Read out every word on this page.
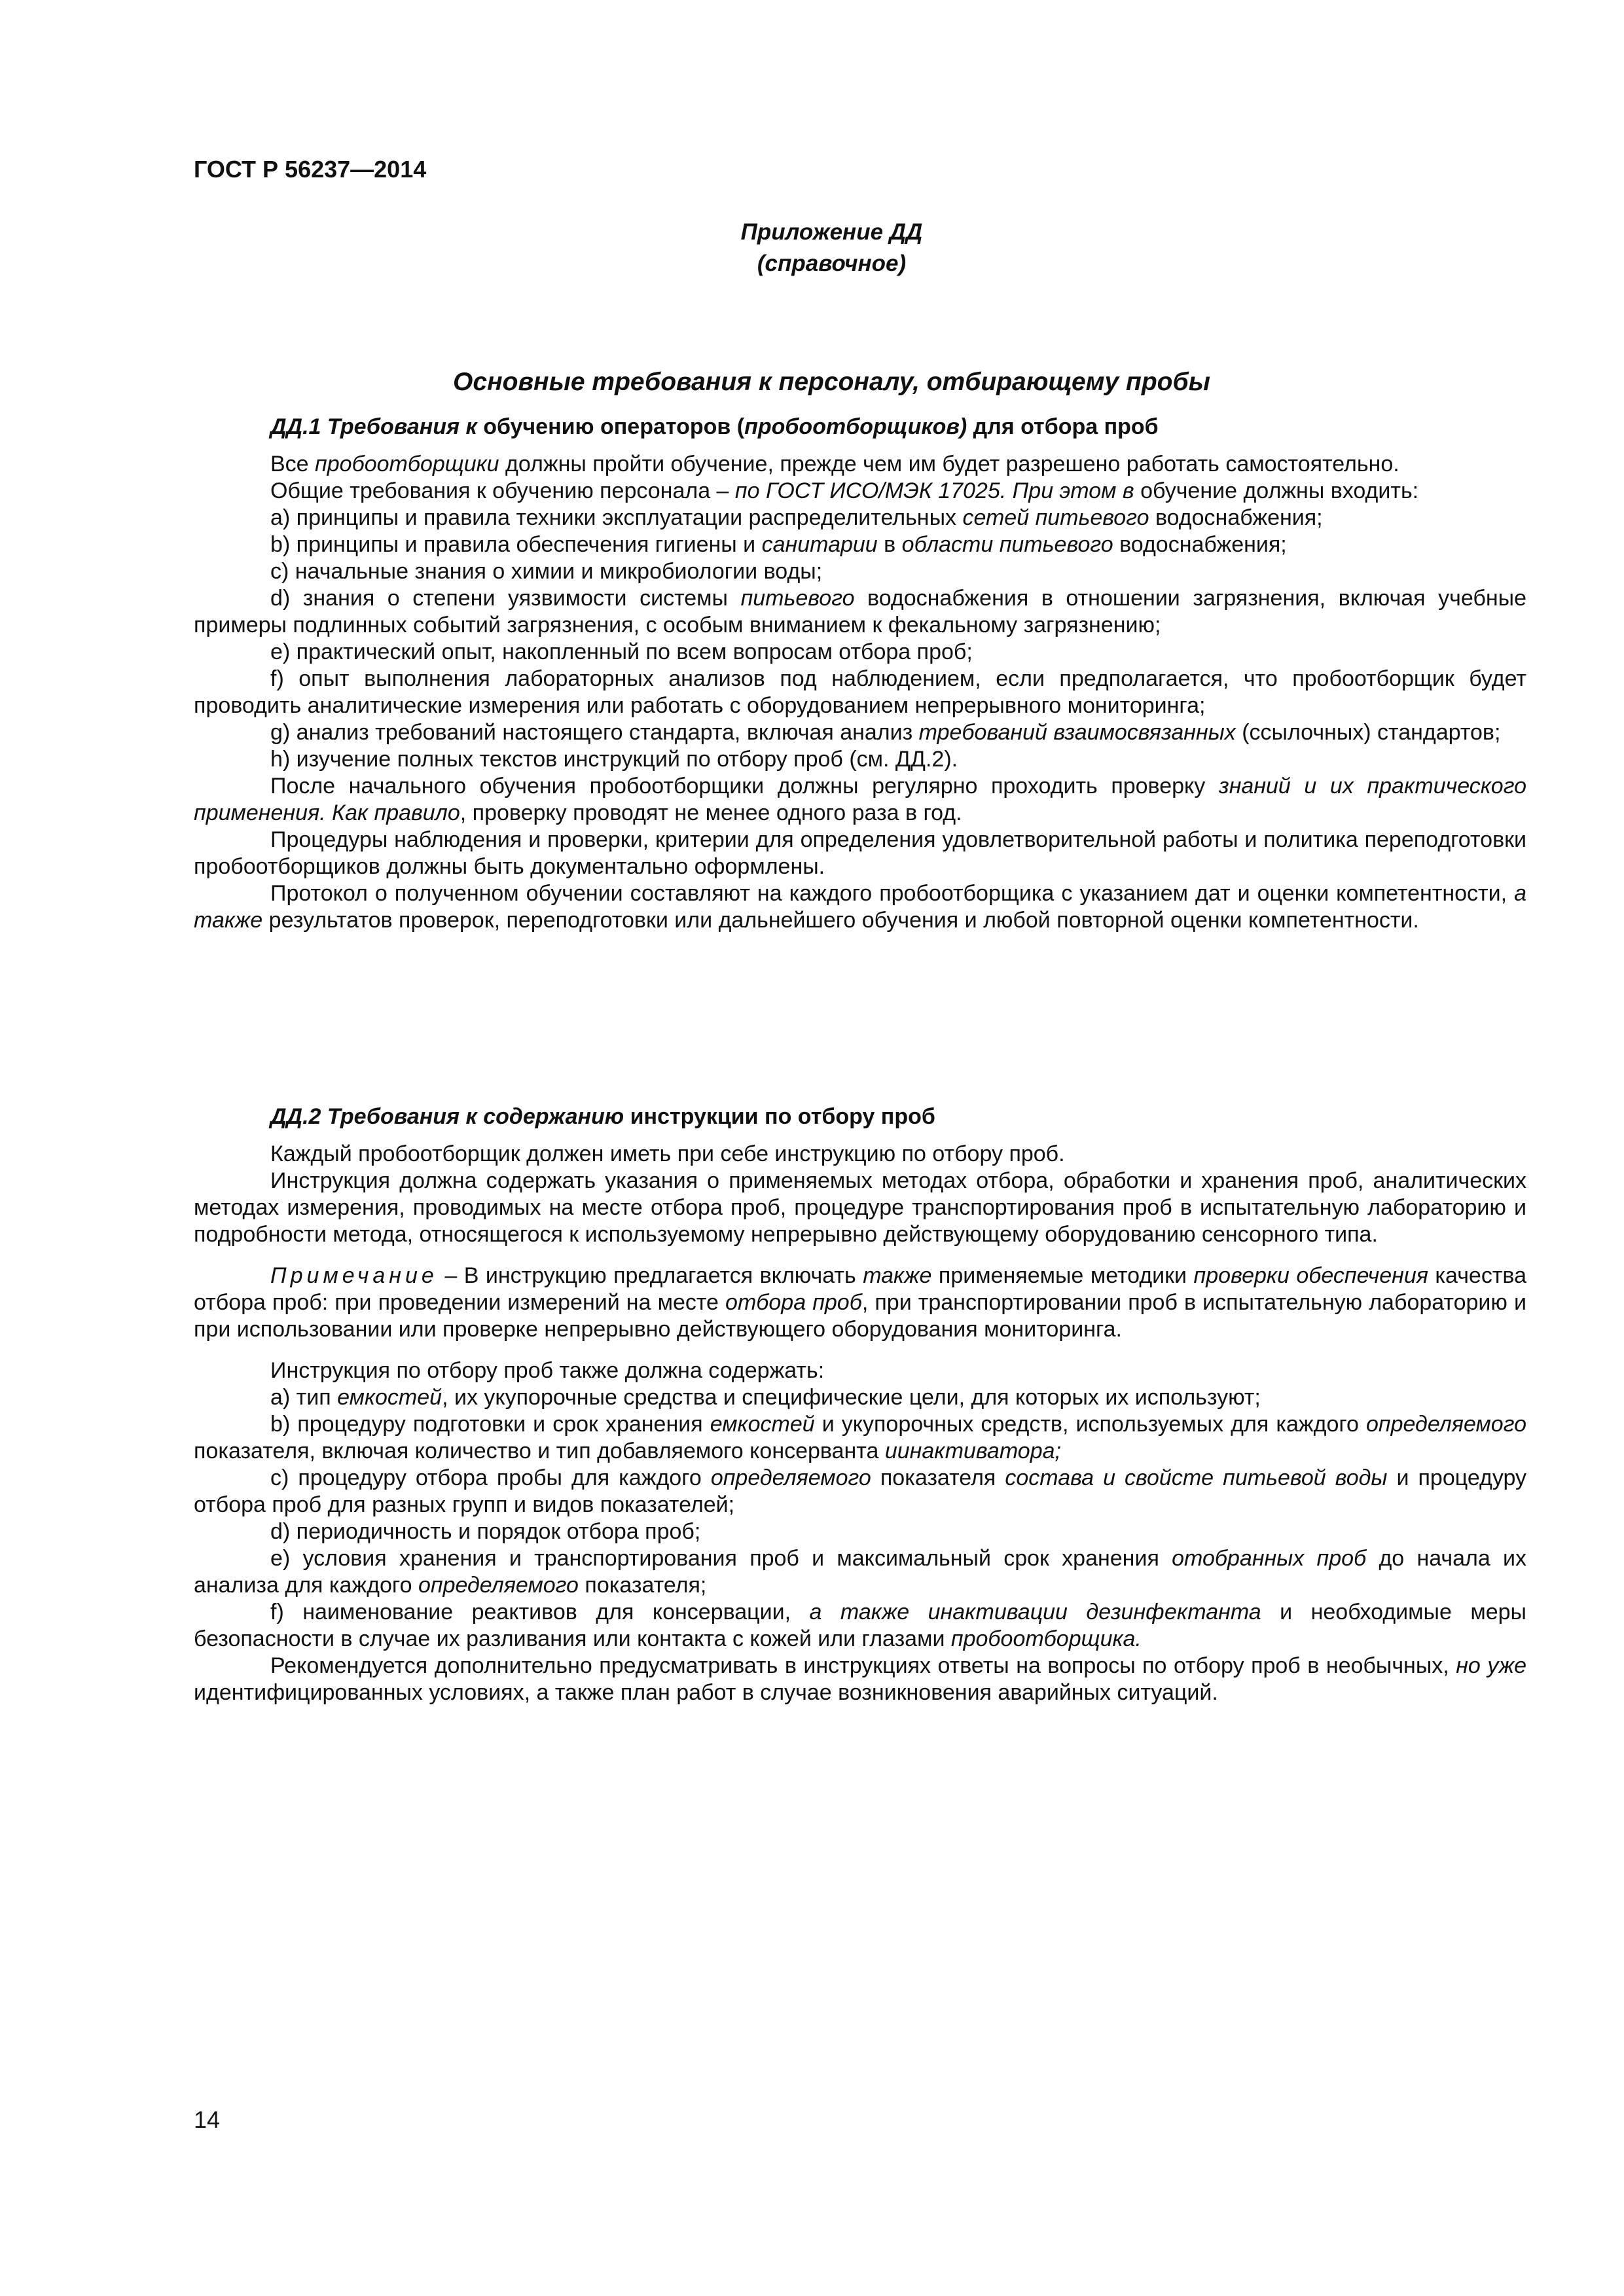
ГОСТ Р 56237—2014
Приложение ДД
(справочное)
Основные требования к персоналу, отбирающему пробы

ДД.1 Требования к обучению операторов (пробоотборщиков) для отбора проб

Все пробоотборщики должны пройти обучение, прежде чем им будет разрешено работать самостоятельно.

Общие требования к обучению персонала – по ГОСТ ИСО/МЭК 17025. При этом в обучение должны входить:

a) принципы и правила техники эксплуатации распределительных сетей питьевого водоснабжения;

b) принципы и правила обеспечения гигиены и санитарии в области питьевого водоснабжения;

c) начальные знания о химии и микробиологии воды;

d) знания о степени уязвимости системы питьевого водоснабжения в отношении загрязнения, включая учебные примеры подлинных событий загрязнения, с особым вниманием к фекальному загрязнению;

e) практический опыт, накопленный по всем вопросам отбора проб;

f) опыт выполнения лабораторных анализов под наблюдением, если предполагается, что пробоотборщик будет проводить аналитические измерения или работать с оборудованием непрерывного мониторинга;

g) анализ требований настоящего стандарта, включая анализ требований взаимосвязанных (ссылочных) стандартов;

h) изучение полных текстов инструкций по отбору проб (см. ДД.2).

После начального обучения пробоотборщики должны регулярно проходить проверку знаний и их практического применения. Как правило, проверку проводят не менее одного раза в год.

Процедуры наблюдения и проверки, критерии для определения удовлетворительной работы и политика переподготовки пробоотборщиков должны быть документально оформлены.

Протокол о полученном обучении составляют на каждого пробоотборщика с указанием дат и оценки компетентности, а также результатов проверок, переподготовки или дальнейшего обучения и любой повторной оценки компетентности.

ДД.2 Требования к содержанию инструкции по отбору проб

Каждый пробоотборщик должен иметь при себе инструкцию по отбору проб.

Инструкция должна содержать указания о применяемых методах отбора, обработки и хранения проб, аналитических методах измерения, проводимых на месте отбора проб, процедуре транспортирования проб в испытательную лабораторию и подробности метода, относящегося к используемому непрерывно действующему оборудованию сенсорного типа.

Примечание – В инструкцию предлагается включать также применяемые методики проверки обеспечения качества отбора проб: при проведении измерений на месте отбора проб, при транспортировании проб в испытательную лабораторию и при использовании или проверке непрерывно действующего оборудования мониторинга.

Инструкция по отбору проб также должна содержать:

a) тип емкостей, их укупорочные средства и специфические цели, для которых их используют;

b) процедуру подготовки и срок хранения емкостей и укупорочных средств, используемых для каждого определяемого показателя, включая количество и тип добавляемого консерванта иинактиватора;

c) процедуру отбора пробы для каждого определяемого показателя состава и свойсте питьевой воды и процедуру отбора проб для разных групп и видов показателей;

d) периодичность и порядок отбора проб;

e) условия хранения и транспортирования проб и максимальный срок хранения отобранных проб до начала их анализа для каждого определяемого показателя;

f) наименование реактивов для консервации, а также инактивации дезинфектанта и необходимые меры безопасности в случае их разливания или контакта с кожей или глазами пробоотборщика.

Рекомендуется дополнительно предусматривать в инструкциях ответы на вопросы по отбору проб в необычных, но уже идентифицированных условиях, а также план работ в случае возникновения аварийных ситуаций.

14
